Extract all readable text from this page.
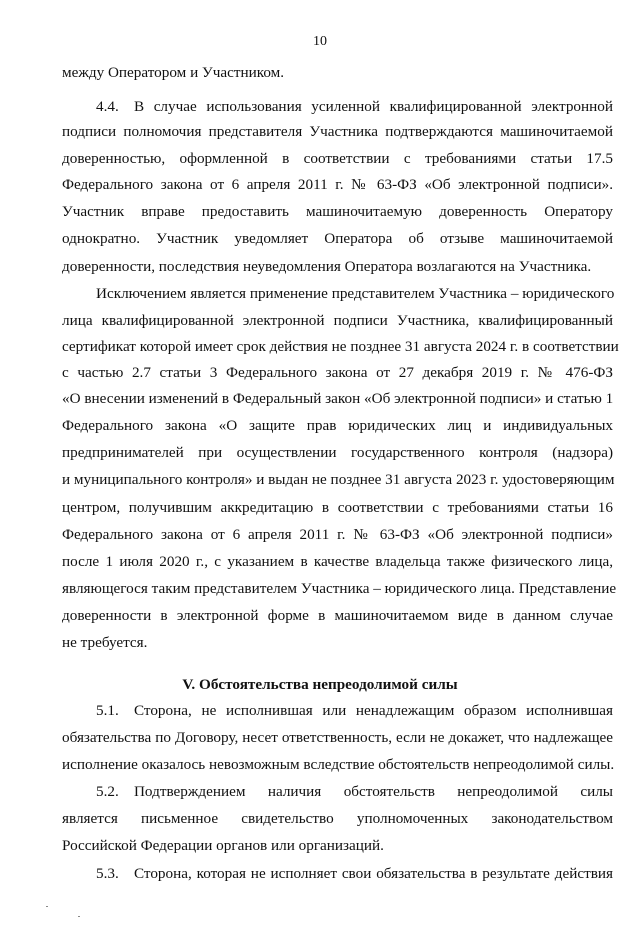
10
между Оператором и Участником.
4.4. В случае использования усиленной квалифицированной электронной
подписи полномочия представителя Участника подтверждаются машиночитаемой
доверенностью, оформленной в соответствии с требованиями статьи 17.5
Федерального закона от 6 апреля 2011 г. № 63-ФЗ «Об электронной подписи».
Участник вправе предоставить машиночитаемую доверенность Оператору
однократно. Участник уведомляет Оператора об отзыве машиночитаемой
доверенности, последствия неуведомления Оператора возлагаются на Участника.
Исключением является применение представителем Участника – юридического
лица квалифицированной электронной подписи Участника, квалифицированный
сертификат которой имеет срок действия не позднее 31 августа 2024 г. в соответствии
с частью 2.7 статьи 3 Федерального закона от 27 декабря 2019 г. № 476-ФЗ
«О внесении изменений в Федеральный закон «Об электронной подписи» и статью 1
Федерального закона «О защите прав юридических лиц и индивидуальных
предпринимателей при осуществлении государственного контроля (надзора)
и муниципального контроля» и выдан не позднее 31 августа 2023 г. удостоверяющим
центром, получившим аккредитацию в соответствии с требованиями статьи 16
Федерального закона от 6 апреля 2011 г. № 63-ФЗ «Об электронной подписи»
после 1 июля 2020 г., с указанием в качестве владельца также физического лица,
являющегося таким представителем Участника – юридического лица. Представление
доверенности в электронной форме в машиночитаемом виде в данном случае
не требуется.
V. Обстоятельства непреодолимой силы
5.1. Сторона, не исполнившая или ненадлежащим образом исполнившая
обязательства по Договору, несет ответственность, если не докажет, что надлежащее
исполнение оказалось невозможным вследствие обстоятельств непреодолимой силы.
5.2. Подтверждением наличия обстоятельств непреодолимой силы
является письменное свидетельство уполномоченных законодательством
Российской Федерации органов или организаций.
5.3. Сторона, которая не исполняет свои обязательства в результате действия
